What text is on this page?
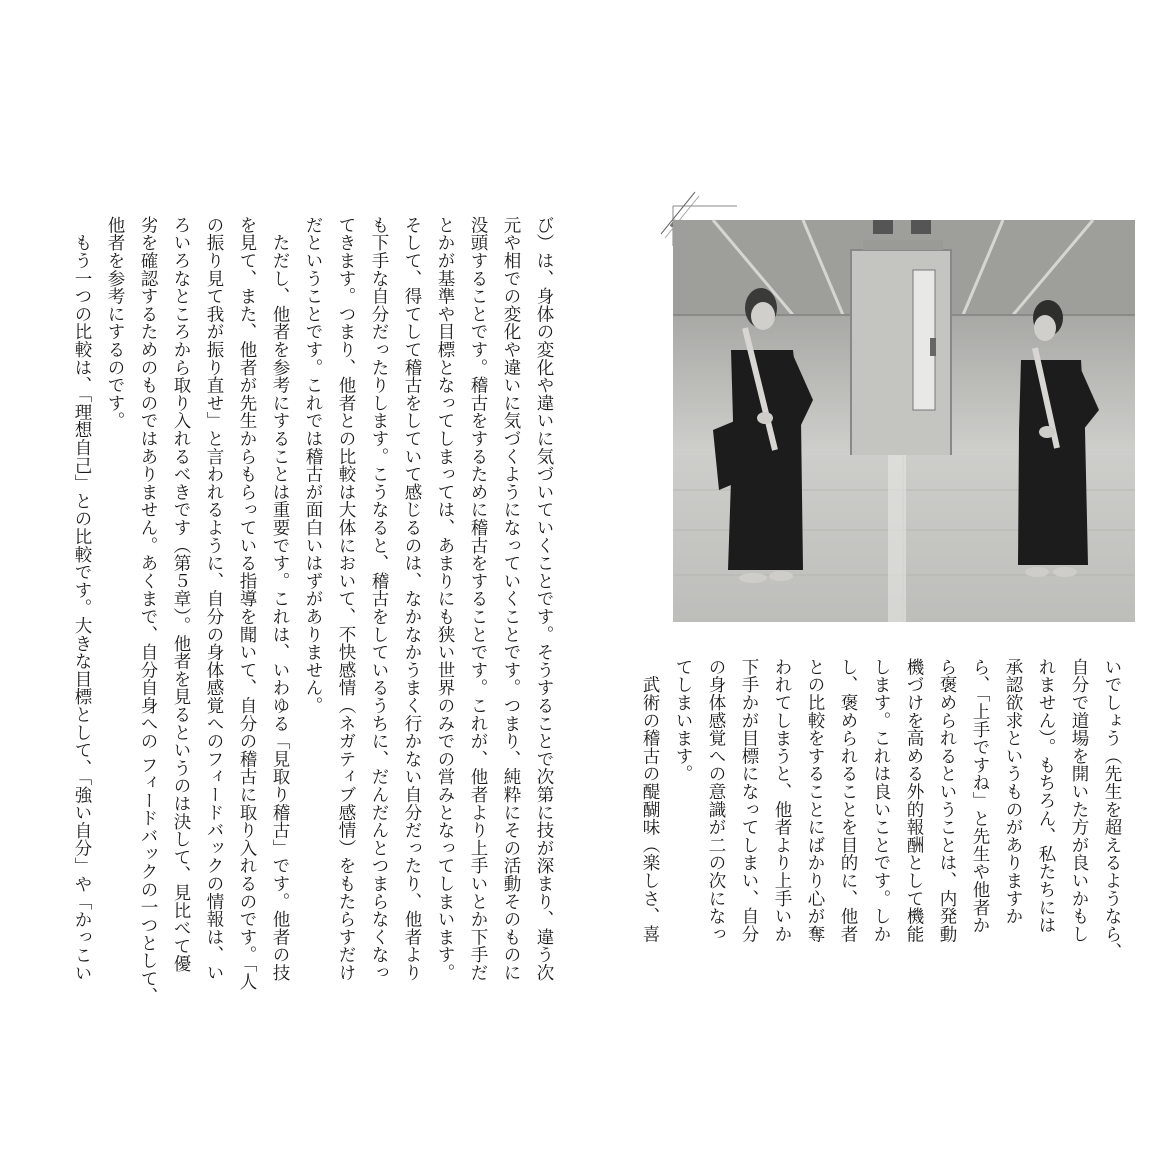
び）は、身体の変化や違いに気づいていくことです。そうすることで次第に技が深まり、違う次
元や相での変化や違いに気づくようになっていくことです。つまり、純粋にその活動そのものに
没頭することです。稽古をするために稽古をすることです。これが、他者より上手いとか下手だ
とかが基準や目標となってしまっては、あまりにも狭い世界のみでの営みとなってしまいます。
そして、得てして稽古をしていて感じるのは、なかなかうまく行かない自分だったり、他者より
も下手な自分だったりします。こうなると、稽古をしているうちに、だんだんとつまらなくなっ
てきます。つまり、他者との比較は大体において、不快感情（ネガティブ感情）をもたらすだけ
だということです。これでは稽古が面白いはずがありません。
　ただし、他者を参考にすることは重要です。これは、いわゆる「見取り稽古」です。他者の技
を見て、また、他者が先生からもらっている指導を聞いて、自分の稽古に取り入れるのです。「人
の振り見て我が振り直せ」と言われるように、自分の身体感覚へのフィードバックの情報は、い
ろいろなところから取り入れるべきです（第５章）。他者を見るというのは決して、見比べて優
劣を確認するためのものではありません。あくまで、自分自身への フィードバックの一つとして、
他者を参考にするのです。
　もう一つの比較は、「理想自己」との比較です。大きな目標として、「強い自分」や「かっこい	いでしょう（先生を超えるようなら、
自分で道場を開いた方が良いかもし
れません）。もちろん、私たちには
承認欲求というものがありますか
ら、「上手ですね」と先生や他者か
ら褒められるということは、内発動
機づけを高める外的報酬として機能
します。これは良いことです。しか
し、褒められることを目的に、他者
との比較をすることにばかり心が奪
われてしまうと、他者より上手いか
下手かが目標になってしまい、自分
の身体感覚への意識が二の次になっ
てしまいます。
　武術の稽古の醍醐味（楽しさ、喜
